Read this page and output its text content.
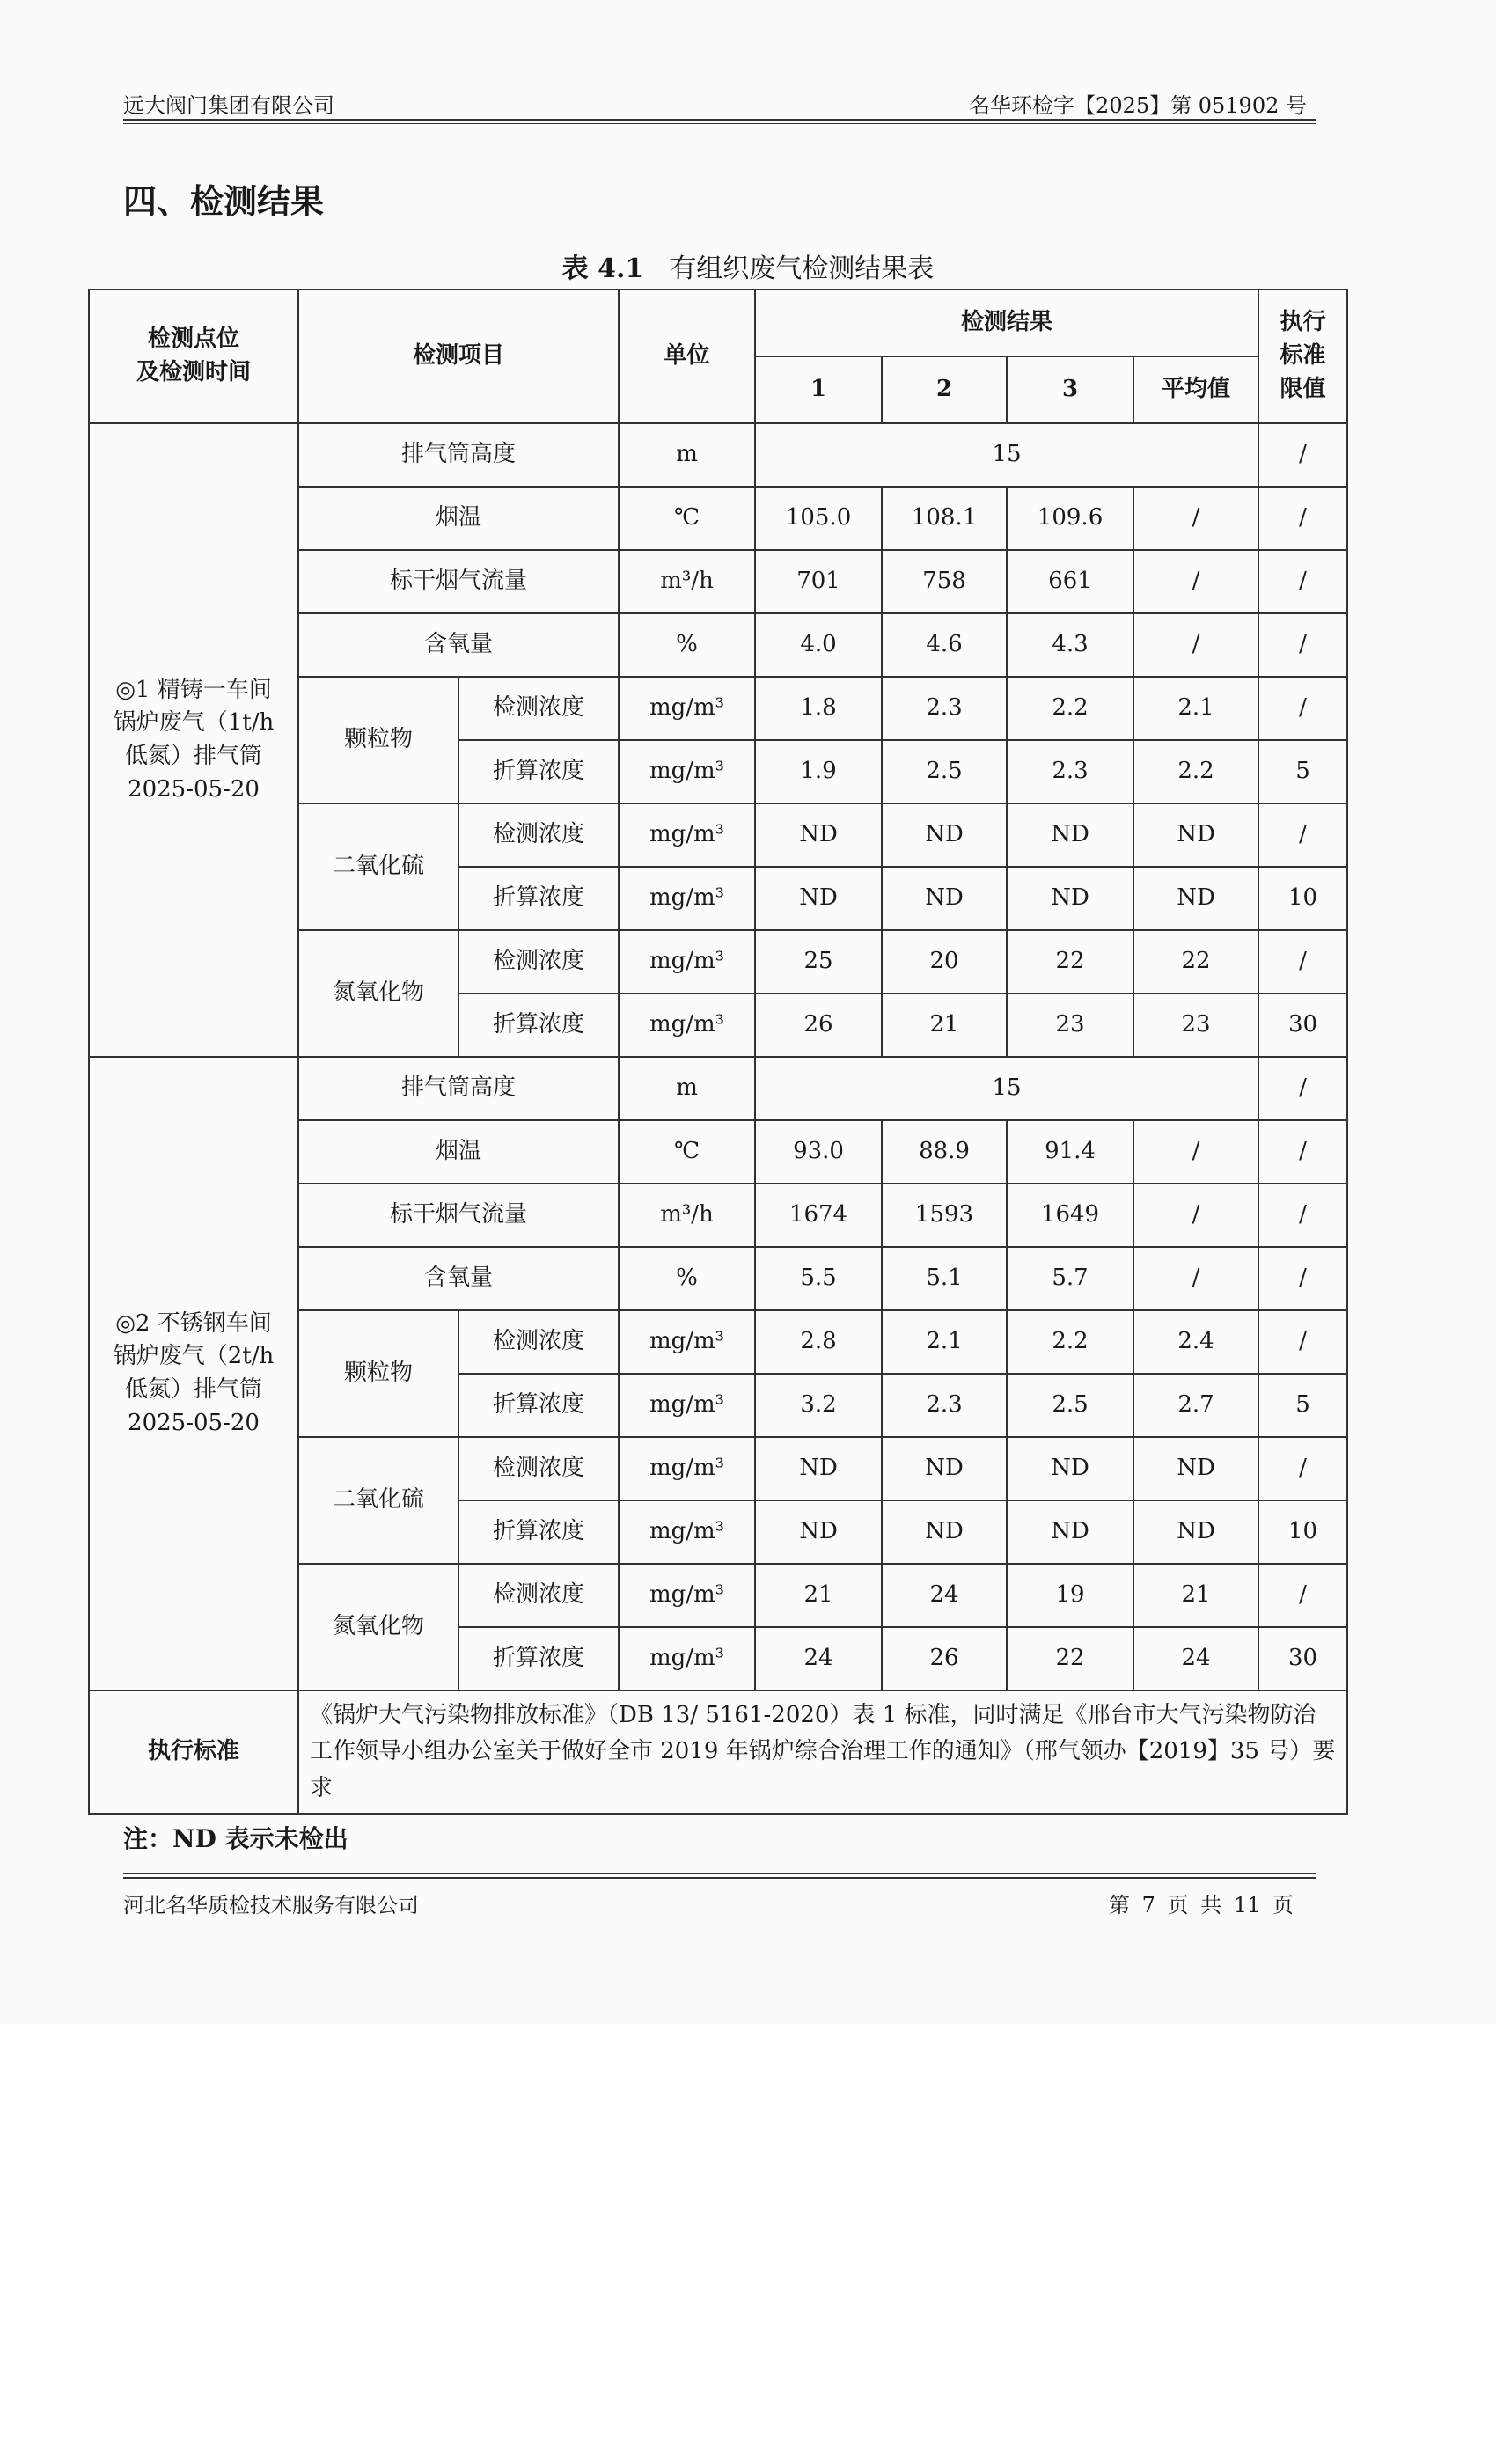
远大阀门集团有限公司	名华环检字【2025】第 051902 号
四、检测结果
表 4.1 有组织废气检测结果表
检测点位
及检测时间	检测项目		单位	检测结果				执行
标准
限值
				1	2	3	平均值	
◎1 精铸一车间
锅炉废气（1t/h
低氮）排气筒
2025-05-20	排气筒高度		m	15				/
	烟温		℃	105.0	108.1	109.6	/	/
	标干烟气流量		m³/h	701	758	661	/	/
	含氧量		%	4.0	4.6	4.3	/	/
	颗粒物	检测浓度	mg/m³	1.8	2.3	2.2	2.1	/
		折算浓度	mg/m³	1.9	2.5	2.3	2.2	5
	二氧化硫	检测浓度	mg/m³	ND	ND	ND	ND	/
		折算浓度	mg/m³	ND	ND	ND	ND	10
	氮氧化物	检测浓度	mg/m³	25	20	22	22	/
		折算浓度	mg/m³	26	21	23	23	30
◎2 不锈钢车间
锅炉废气（2t/h
低氮）排气筒
2025-05-20	排气筒高度		m	15				/
	烟温		℃	93.0	88.9	91.4	/	/
	标干烟气流量		m³/h	1674	1593	1649	/	/
	含氧量		%	5.5	5.1	5.7	/	/
	颗粒物	检测浓度	mg/m³	2.8	2.1	2.2	2.4	/
		折算浓度	mg/m³	3.2	2.3	2.5	2.7	5
	二氧化硫	检测浓度	mg/m³	ND	ND	ND	ND	/
		折算浓度	mg/m³	ND	ND	ND	ND	10
	氮氧化物	检测浓度	mg/m³	21	24	19	21	/
		折算浓度	mg/m³	24	26	22	24	30
执行标准	《锅炉大气污染物排放标准》（DB 13/ 5161-2020）表 1 标准，同时满足《邢台市大气污染物防治工作领导小组办公室关于做好全市 2019 年锅炉综合治理工作的通知》（邢气领办【2019】35 号）要求							
注：ND 表示未检出
河北名华质检技术服务有限公司	第 7 页 共 11 页
